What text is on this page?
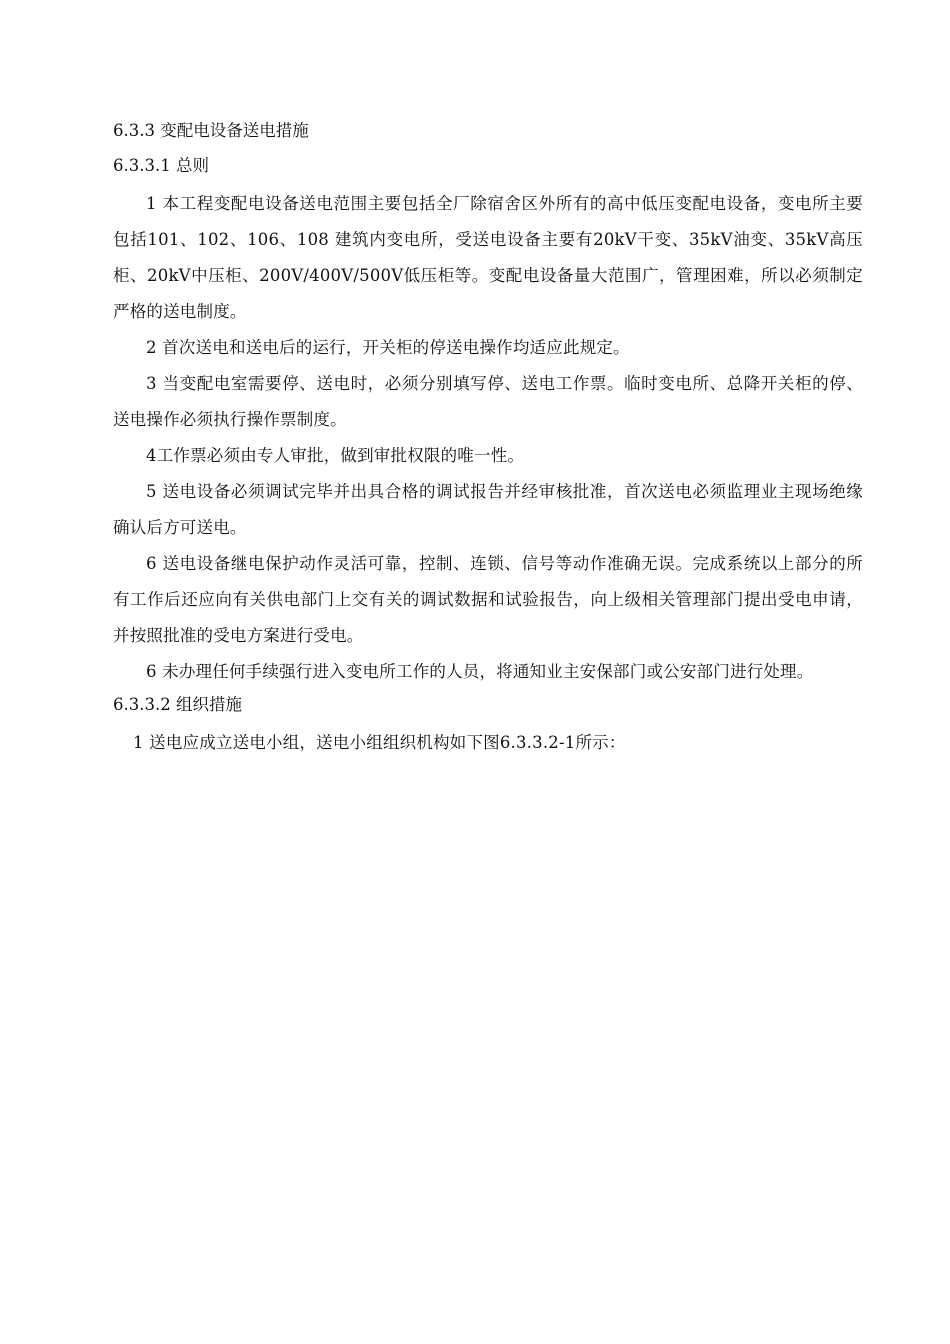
6.3.3 变配电设备送电措施
6.3.3.1 总则

1 本工程变配电设备送电范围主要包括全厂除宿舍区外所有的高中低压变配电设备，变电所主要包括101、102、106、108 建筑内变电所，受送电设备主要有20kV干变、35kV油变、35kV高压柜、20kV中压柜、200V/400V/500V低压柜等。变配电设备量大范围广，管理困难，所以必须制定严格的送电制度。

2 首次送电和送电后的运行，开关柜的停送电操作均适应此规定。

3 当变配电室需要停、送电时，必须分别填写停、送电工作票。临时变电所、总降开关柜的停、送电操作必须执行操作票制度。

4工作票必须由专人审批，做到审批权限的唯一性。

5 送电设备必须调试完毕并出具合格的调试报告并经审核批准，首次送电必须监理业主现场绝缘确认后方可送电。

6 送电设备继电保护动作灵活可靠，控制、连锁、信号等动作准确无误。完成系统以上部分的所有工作后还应向有关供电部门上交有关的调试数据和试验报告，向上级相关管理部门提出受电申请，并按照批准的受电方案进行受电。

6 未办理任何手续强行进入变电所工作的人员，将通知业主安保部门或公安部门进行处理。

6.3.3.2 组织措施

1 送电应成立送电小组，送电小组组织机构如下图6.3.3.2-1所示：
